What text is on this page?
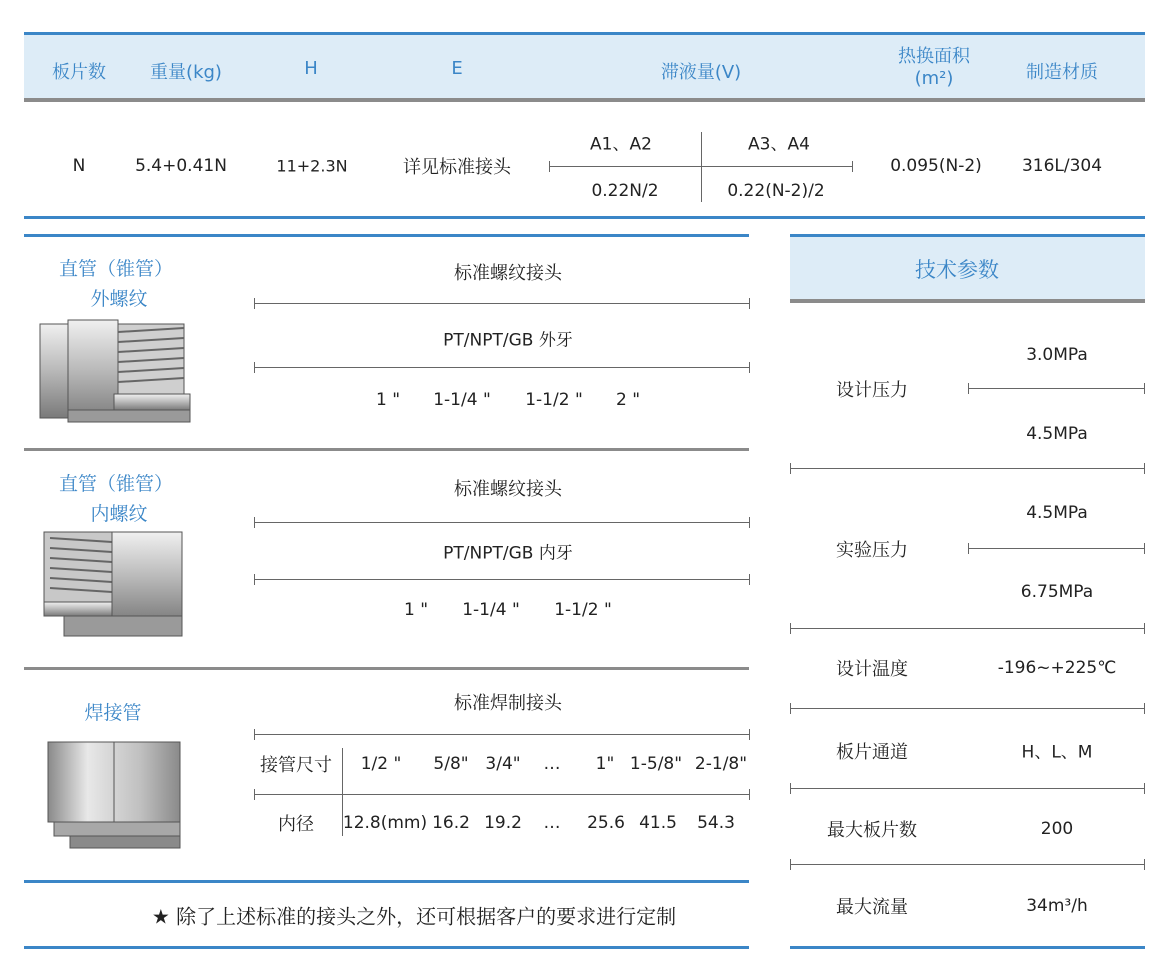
板片数 重量(kg)	H	E	滞液量(V)
热换面积
(m²)	制造材质
N	5.4+0.41N	11+2.3N	详见标准接头
A1、A2	A3、A4
0.22N/2	0.22(N-2)/2
0.095(N-2) 316L/304
直管（锥管）
外螺纹
标准螺纹接头
PT/NPT/GB 外牙
1 " 1-1/4 " 1-1/2 " 2 "
直管（锥管）
内螺纹
标准螺纹接头
PT/NPT/GB 内牙
1 " 1-1/4 " 1-1/2 "
焊接管	标准焊制接头
接管尺寸 1/2 " 5/8" 3/4" … 1" 1-5/8" 2-1/8"
内径 12.8(mm) 16.2 19.2 … 25.6 41.5 54.3
★ 除了上述标准的接头之外，还可根据客户的要求进行定制
技术参数
设计压力
3.0MPa
4.5MPa
实验压力
4.5MPa
6.75MPa
设计温度	-196~+225℃
板片通道	H、L、M
最大板片数	200
最大流量	34m³/h
